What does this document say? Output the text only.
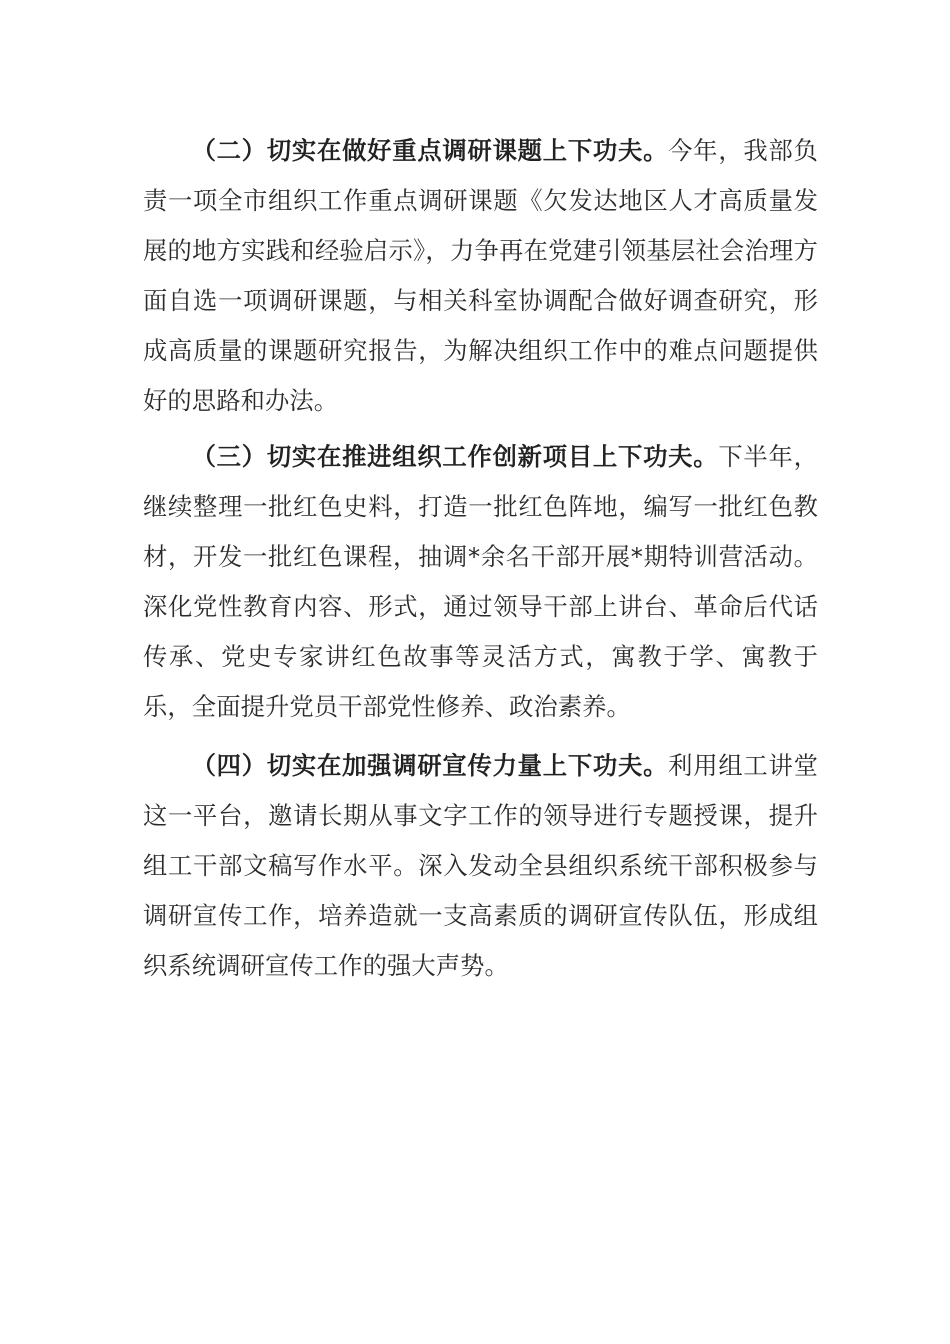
（二）切实在做好重点调研课题上下功夫。今年，我部负责一项全市组织工作重点调研课题《欠发达地区人才高质量发展的地方实践和经验启示》，力争再在党建引领基层社会治理方面自选一项调研课题，与相关科室协调配合做好调查研究，形成高质量的课题研究报告，为解决组织工作中的难点问题提供好的思路和办法。

（三）切实在推进组织工作创新项目上下功夫。下半年，继续整理一批红色史料，打造一批红色阵地，编写一批红色教材，开发一批红色课程，抽调*余名干部开展*期特训营活动。深化党性教育内容、形式，通过领导干部上讲台、革命后代话传承、党史专家讲红色故事等灵活方式，寓教于学、寓教于乐，全面提升党员干部党性修养、政治素养。

（四）切实在加强调研宣传力量上下功夫。利用组工讲堂这一平台，邀请长期从事文字工作的领导进行专题授课，提升组工干部文稿写作水平。深入发动全县组织系统干部积极参与调研宣传工作，培养造就一支高素质的调研宣传队伍，形成组织系统调研宣传工作的强大声势。
